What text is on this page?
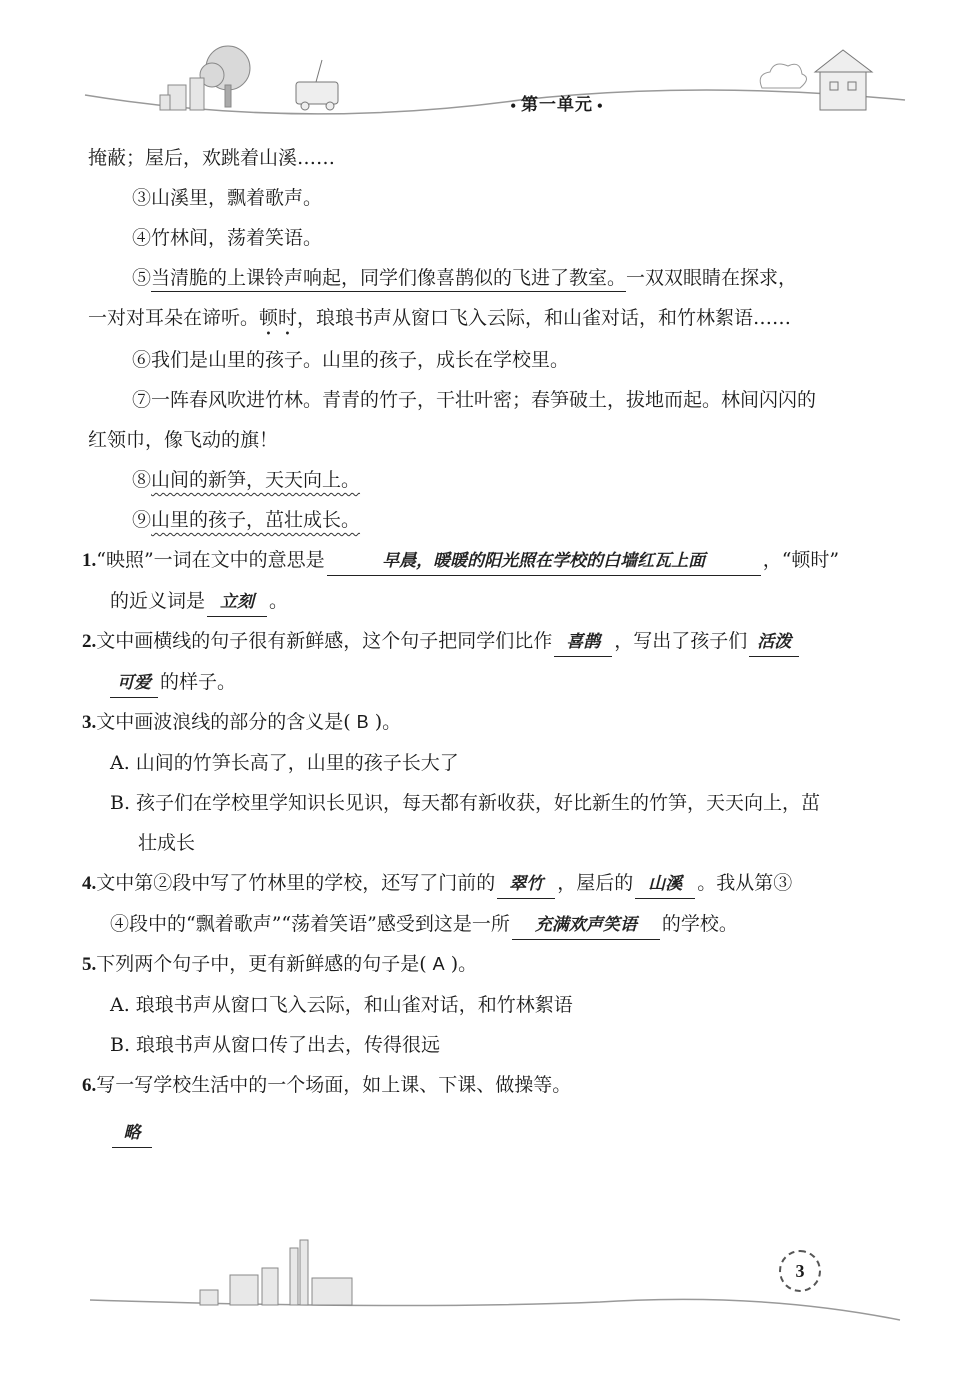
• 第一单元 •
掩蔽；屋后，欢跳着山溪……
③山溪里，飘着歌声。
④竹林间，荡着笑语。
⑤当清脆的上课铃声响起，同学们像喜鹊似的飞进了教室。一双双眼睛在探求，
一对对耳朵在谛听。顿时，琅琅书声从窗口飞入云际，和山雀对话，和竹林絮语……
⑥我们是山里的孩子。山里的孩子，成长在学校里。
⑦一阵春风吹进竹林。青青的竹子，干壮叶密；春笋破土，拔地而起。林间闪闪的
红领巾，像飞动的旗！
⑧山间的新笋，天天向上。
⑨山里的孩子，茁壮成长。
1.“映照”一词在文中的意思是	早晨，暖暖的阳光照在学校的白墙红瓦上面	，“顿时”
的近义词是 立刻 。
2.文中画横线的句子很有新鲜感，这个句子把同学们比作 喜鹊 ，写出了孩子们 活泼
可爱 的样子。
3.文中画波浪线的部分的含义是( B )。
A. 山间的竹笋长高了，山里的孩子长大了
B. 孩子们在学校里学知识长见识，每天都有新收获，好比新生的竹笋，天天向上，茁
壮成长
4.文中第②段中写了竹林里的学校，还写了门前的 翠竹 ，屋后的 山溪 。我从第③
④段中的“飘着歌声”“荡着笑语”感受到这是一所 充满欢声笑语 的学校。
5.下列两个句子中，更有新鲜感的句子是( A )。
A. 琅琅书声从窗口飞入云际，和山雀对话，和竹林絮语
B. 琅琅书声从窗口传了出去，传得很远
6.写一写学校生活中的一个场面，如上课、下课、做操等。
略
3
